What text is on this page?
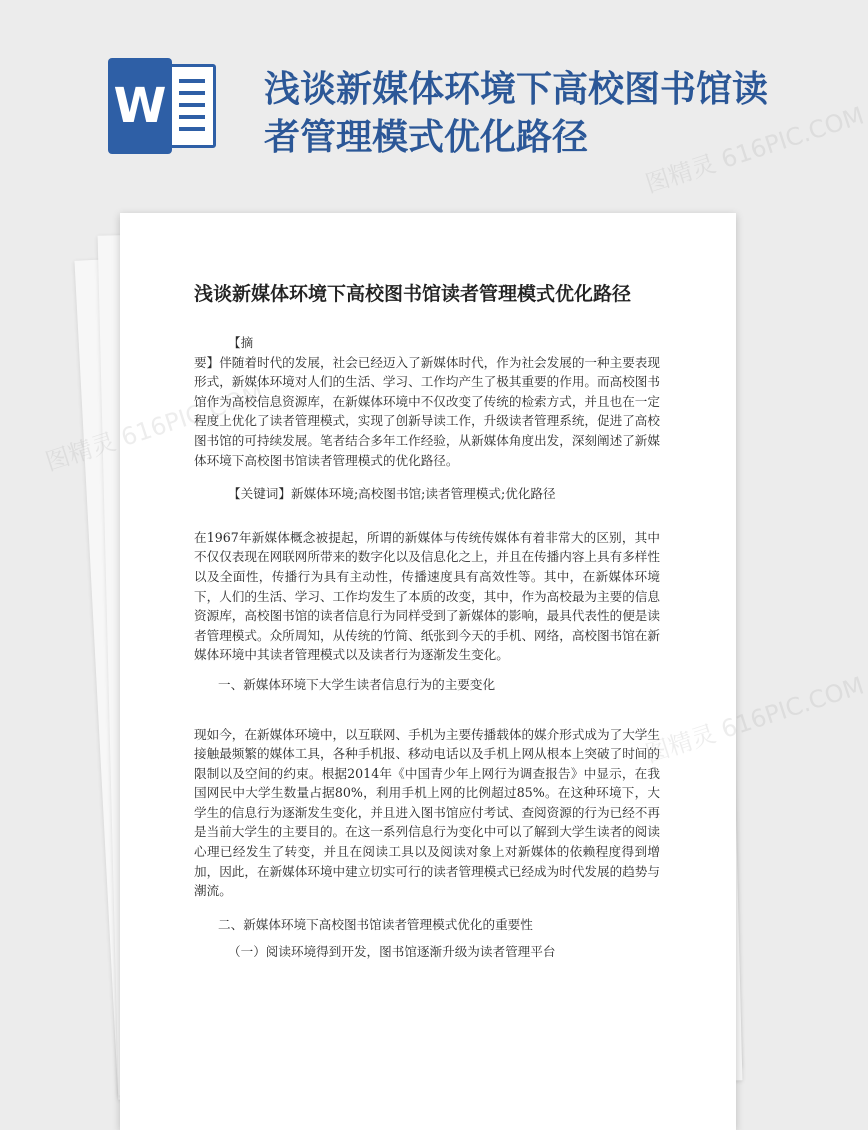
W	浅谈新媒体环境下高校图书馆读者管理模式优化路径
浅谈新媒体环境下高校图书馆读者管理模式优化路径

【摘

要】伴随着时代的发展，社会已经迈入了新媒体时代，作为社会发展的一种主要表现形式，新媒体环境对人们的生活、学习、工作均产生了极其重要的作用。而高校图书馆作为高校信息资源库，在新媒体环境中不仅改变了传统的检索方式，并且也在一定程度上优化了读者管理模式，实现了创新导读工作，升级读者管理系统，促进了高校图书馆的可持续发展。笔者结合多年工作经验，从新媒体角度出发，深刻阐述了新媒体环境下高校图书馆读者管理模式的优化路径。

【关键词】新媒体环境;高校图书馆;读者管理模式;优化路径

在1967年新媒体概念被提起，所谓的新媒体与传统传媒体有着非常大的区别，其中不仅仅表现在网联网所带来的数字化以及信息化之上，并且在传播内容上具有多样性以及全面性，传播行为具有主动性，传播速度具有高效性等。其中，在新媒体环境下，人们的生活、学习、工作均发生了本质的改变，其中，作为高校最为主要的信息资源库，高校图书馆的读者信息行为同样受到了新媒体的影响，最具代表性的便是读者管理模式。众所周知，从传统的竹简、纸张到今天的手机、网络，高校图书馆在新媒体环境中其读者管理模式以及读者行为逐渐发生变化。

一、新媒体环境下大学生读者信息行为的主要变化

现如今，在新媒体环境中，以互联网、手机为主要传播载体的媒介形式成为了大学生接触最频繁的媒体工具，各种手机报、移动电话以及手机上网从根本上突破了时间的限制以及空间的约束。根据2014年《中国青少年上网行为调查报告》中显示，在我国网民中大学生数量占据80%，利用手机上网的比例超过85%。在这种环境下，大学生的信息行为逐渐发生变化，并且进入图书馆应付考试、查阅资源的行为已经不再是当前大学生的主要目的。在这一系列信息行为变化中可以了解到大学生读者的阅读心理已经发生了转变，并且在阅读工具以及阅读对象上对新媒体的依赖程度得到增加，因此，在新媒体环境中建立切实可行的读者管理模式已经成为时代发展的趋势与潮流。

二、新媒体环境下高校图书馆读者管理模式优化的重要性

（一）阅读环境得到开发，图书馆逐渐升级为读者管理平台

图精灵
图精灵 616PIC.COM
图精灵 616PIC.COM
